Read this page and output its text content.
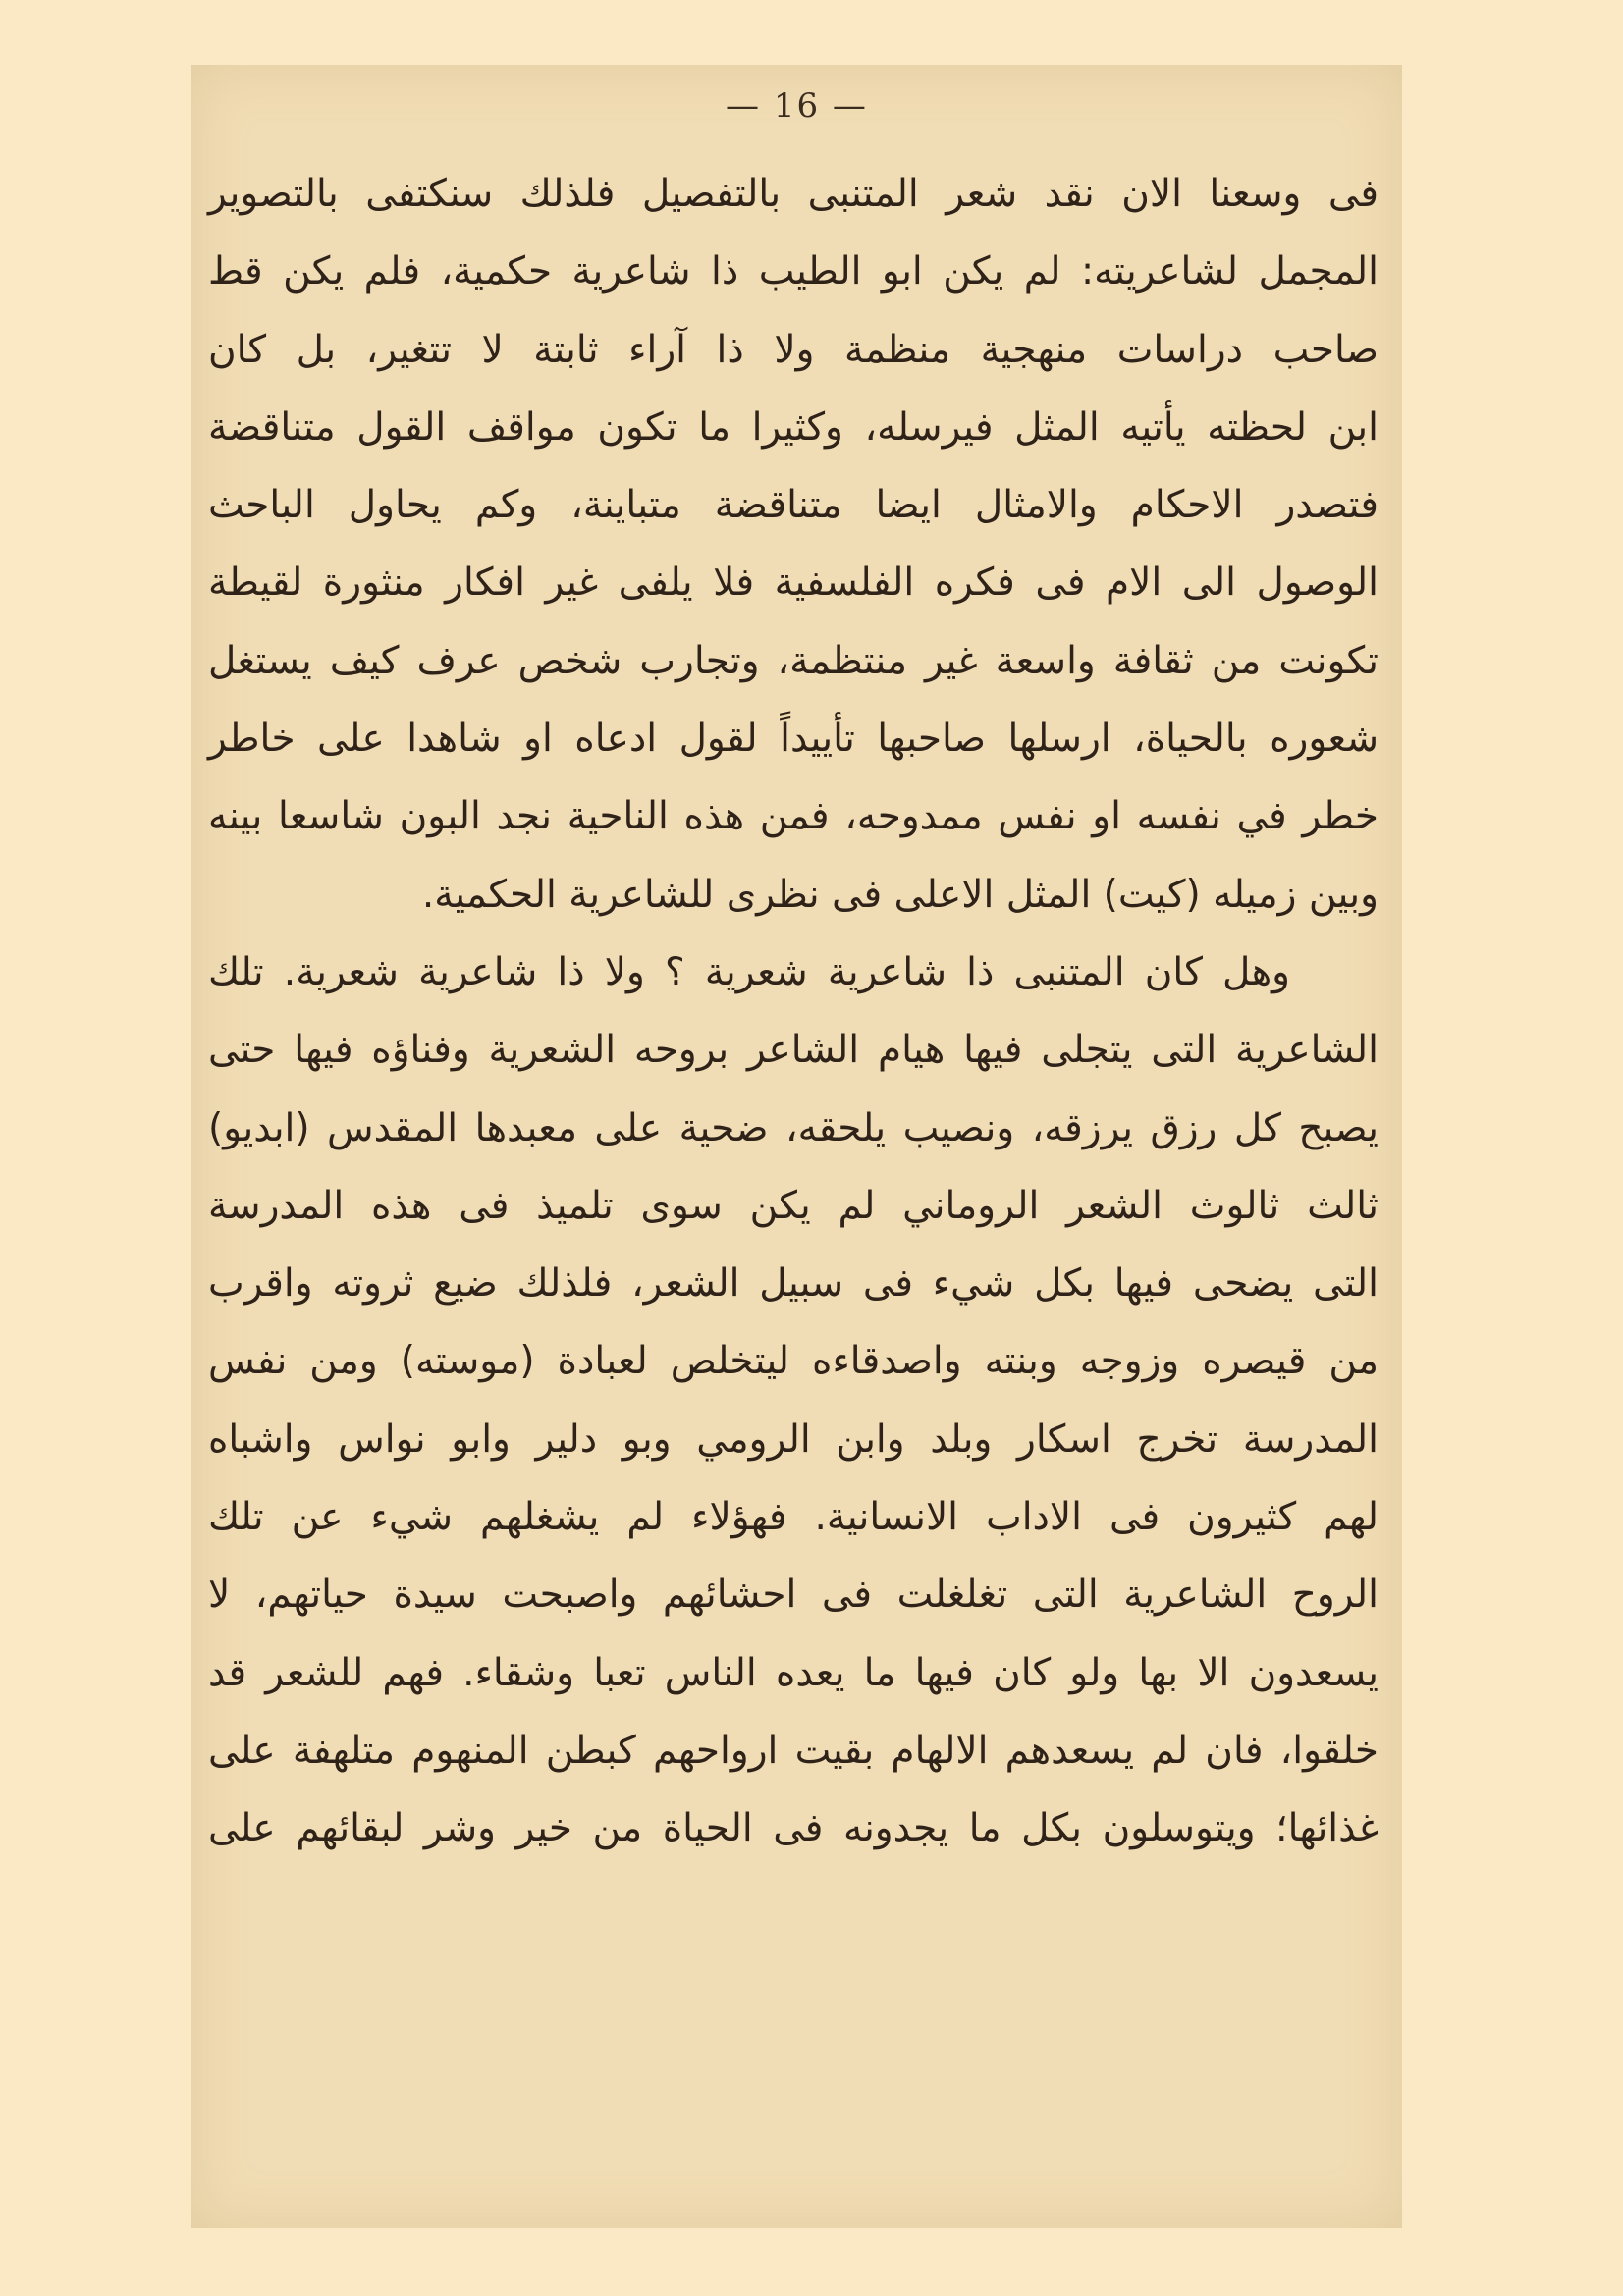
— 16 —
فى وسعنا الان نقد شعر المتنبى بالتفصيل فلذلك سنكتفى بالتصوير
المجمل لشاعريته: لم يكن ابو الطيب ذا شاعرية حكمية، فلم يكن قط
صاحب دراسات منهجية منظمة ولا ذا آراء ثابتة لا تتغير، بل كان
ابن لحظته يأتيه المثل فيرسله، وكثيرا ما تكون مواقف القول متناقضة
فتصدر الاحكام والامثال ايضا متناقضة متباينة، وكم يحاول الباحث
الوصول الى الام فى فكره الفلسفية فلا يلفى غير افكار منثورة لقيطة
تكونت من ثقافة واسعة غير منتظمة، وتجارب شخص عرف كيف يستغل
شعوره بالحياة، ارسلها صاحبها تأييداً لقول ادعاه او شاهدا على خاطر
خطر في نفسه او نفس ممدوحه، فمن هذه الناحية نجد البون شاسعا بينه
وبين زميله (كيت) المثل الاعلى فى نظرى للشاعرية الحكمية.
وهل كان المتنبى ذا شاعرية شعرية ؟ ولا ذا شاعرية شعرية. تلك
الشاعرية التى يتجلى فيها هيام الشاعر بروحه الشعرية وفناؤه فيها حتى
يصبح كل رزق يرزقه، ونصيب يلحقه، ضحية على معبدها المقدس (ابديو)
ثالث ثالوث الشعر الروماني لم يكن سوى تلميذ فى هذه المدرسة
التى يضحى فيها بكل شيء فى سبيل الشعر، فلذلك ضيع ثروته واقرب
من قيصره وزوجه وبنته واصدقاءه ليتخلص لعبادة (موسته) ومن نفس
المدرسة تخرج اسكار وبلد وابن الرومي وبو دلير وابو نواس واشباه
لهم كثيرون فى الاداب الانسانية. فهؤلاء لم يشغلهم شيء عن تلك
الروح الشاعرية التى تغلغلت فى احشائهم واصبحت سيدة حياتهم، لا
يسعدون الا بها ولو كان فيها ما يعده الناس تعبا وشقاء. فهم للشعر قد
خلقوا، فان لم يسعدهم الالهام بقيت ارواحهم كبطن المنهوم متلهفة على
غذائها؛ ويتوسلون بكل ما يجدونه فى الحياة من خير وشر لبقائهم على
